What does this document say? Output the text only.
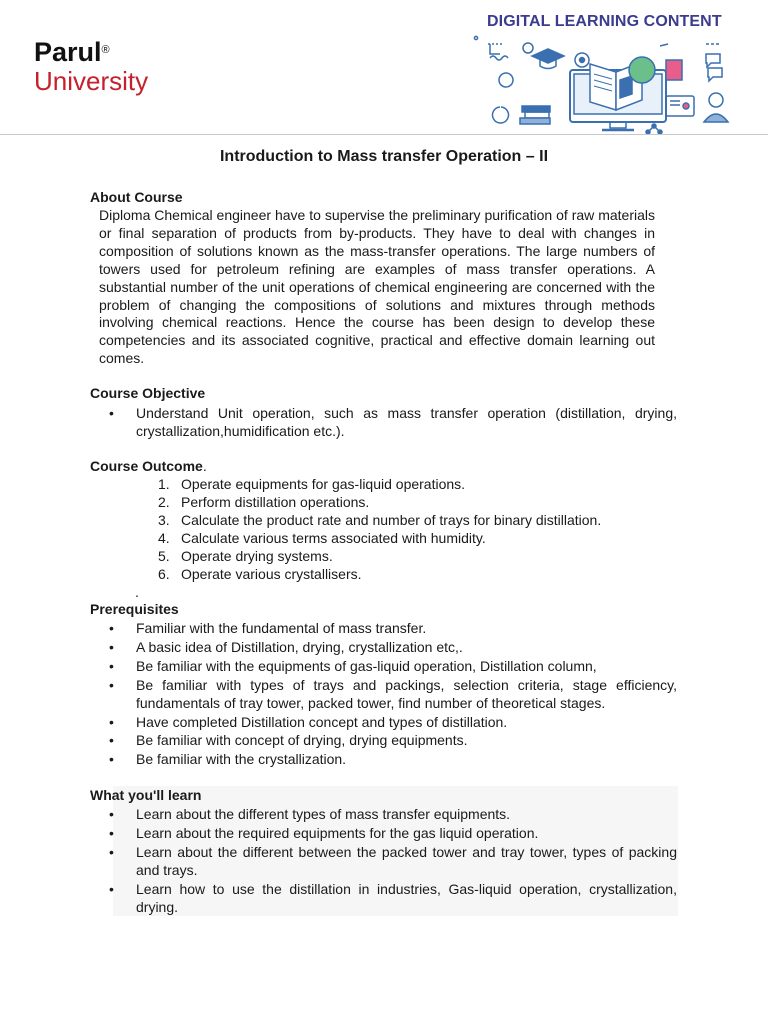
Parul®
University
DIGITAL LEARNING CONTENT
Introduction to Mass transfer Operation – II
About Course
Diploma Chemical engineer have to supervise the preliminary purification of raw materials or final separation of products from by-products. They have to deal with changes in composition of solutions known as the mass-transfer operations. The large numbers of towers used for petroleum refining are examples of mass transfer operations. A substantial number of the unit operations of chemical engineering are concerned with the problem of changing the compositions of solutions and mixtures through methods involving chemical reactions. Hence the course has been design to develop these competencies and its associated cognitive, practical and effective domain learning out comes.
Course Objective
• Understand Unit operation, such as mass transfer operation (distillation, drying, crystallization,humidification etc.).
Course Outcome.
1. Operate equipments for gas-liquid operations.
2. Perform distillation operations.
3. Calculate the product rate and number of trays for binary distillation.
4. Calculate various terms associated with humidity.
5. Operate drying systems.
6. Operate various crystallisers.
.
Prerequisites
• Familiar with the fundamental of mass transfer.
• A basic idea of Distillation, drying, crystallization etc,.
• Be familiar with the equipments of gas-liquid operation, Distillation column,
• Be familiar with types of trays and packings, selection criteria, stage efficiency, fundamentals of tray tower, packed tower, find number of theoretical stages.
• Have completed Distillation concept and types of distillation.
• Be familiar with concept of drying, drying equipments.
• Be familiar with the crystallization.
What you'll learn
• Learn about the different types of mass transfer equipments.
• Learn about the required equipments for the gas liquid operation.
• Learn about the different between the packed tower and tray tower, types of packing and trays.
• Learn how to use the distillation in industries, Gas-liquid operation, crystallization, drying.
